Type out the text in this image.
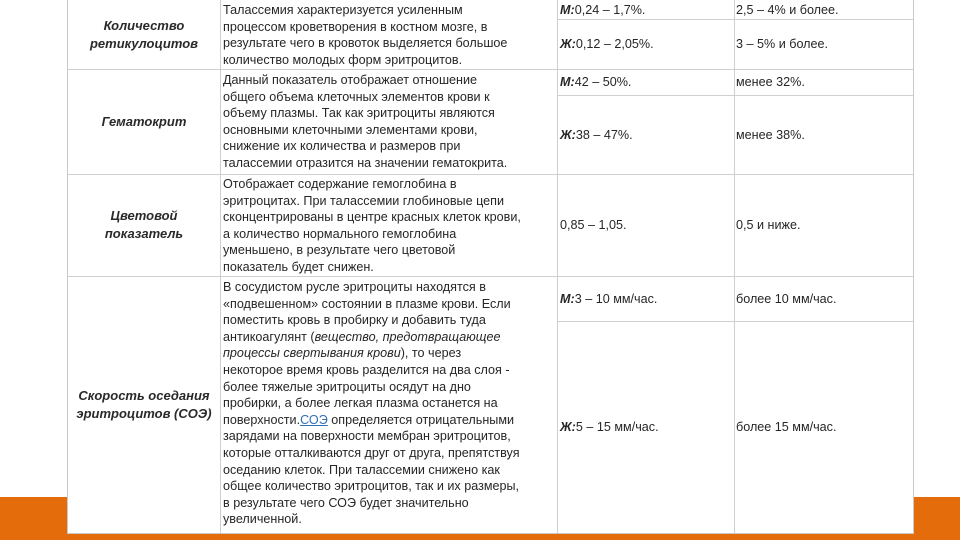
Количество
ретикулоцитов
Талассемия характеризуется усиленным
процессом кроветворения в костном мозге, в
результате чего в кровоток выделяется большое
количество молодых форм эритроцитов.
М: 0,24 – 1,7%.
Ж: 0,12 – 2,05%.
2,5 – 4% и более.
3 – 5% и более.
Гематокрит
Данный показатель отображает отношение
общего объема клеточных элементов крови к
объему плазмы. Так как эритроциты являются
основными клеточными элементами крови,
снижение их количества и размеров при
талассемии отразится на значении гематокрита.
М: 42 – 50%.
Ж: 38 – 47%.
менее 32%.
менее 38%.
Цветовой
показатель
Отображает содержание гемоглобина в
эритроцитах. При талассемии глобиновые цепи
сконцентрированы в центре красных клеток крови,
а количество нормального гемоглобина
уменьшено, в результате чего цветовой
показатель будет снижен.
0,85 – 1,05.	0,5 и ниже.
Скорость оседания
эритроцитов (СОЭ)
В сосудистом русле эритроциты находятся в
«подвешенном» состоянии в плазме крови. Если
поместить кровь в пробирку и добавить туда
антикоагулянт (вещество, предотвращающее
процессы свертывания крови), то через
некоторое время кровь разделится на два слоя -
более тяжелые эритроциты осядут на дно
пробирки, а более легкая плазма останется на
поверхности.СОЭ определяется отрицательными
зарядами на поверхности мембран эритроцитов,
которые отталкиваются друг от друга, препятствуя
оседанию клеток. При талассемии снижено как
общее количество эритроцитов, так и их размеры,
в результате чего СОЭ будет значительно
увеличенной.
М: 3 – 10 мм/час.
Ж: 5 – 15 мм/час.
более 10 мм/час.
более 15 мм/час.
